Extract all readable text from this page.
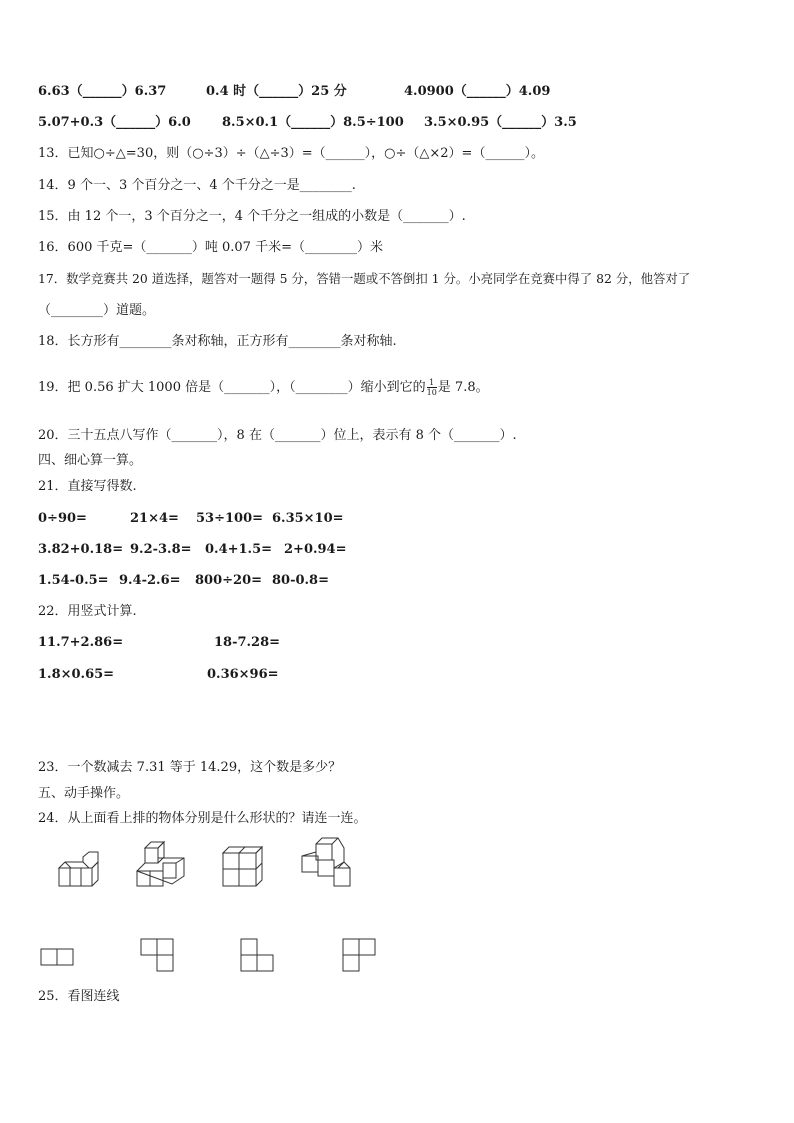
6.63（______）6.37	0.4 时（______）25 分	4.0900（______）4.09
5.07+0.3（______）6.0 8.5×0.1（______）8.5÷100 3.5×0.95（______）3.5
13．已知○÷△=30，则（○÷3）÷（△÷3）=（______），○÷（△×2）=（______）。
14．9 个一、3 个百分之一、4 个千分之一是________.
15．由 12 个一，3 个百分之一，4 个千分之一组成的小数是（_______）.
16．600 千克=（_______）吨 0.07 千米=（________）米
17．数学竞赛共 20 道选择，题答对一题得 5 分，答错一题或不答倒扣 1 分。小亮同学在竞赛中得了 82 分，他答对了
（________）道题。
18．长方形有________条对称轴，正方形有________条对称轴.
19．把 0.56 扩大 1000 倍是（_______），（________）缩小到它的 $\frac{1}{10}$ 是 7.8。
20．三十五点八写作（_______），8 在（_______）位上，表示有 8 个（_______）.
四、细心算一算。
21．直接写得数.
0÷90=	21×4= 53÷100= 6.35×10=
3.82+0.18= 9.2-3.8= 0.4+1.5= 2+0.94=
1.54-0.5= 9.4-2.6= 800÷20= 80-0.8=
22．用竖式计算.
11.7+2.86=	18-7.28=
1.8×0.65=	0.36×96=
23．一个数减去 7.31 等于 14.29，这个数是多少？
五、动手操作。
24．从上面看上排的物体分别是什么形状的？请连一连。
25．看图连线
